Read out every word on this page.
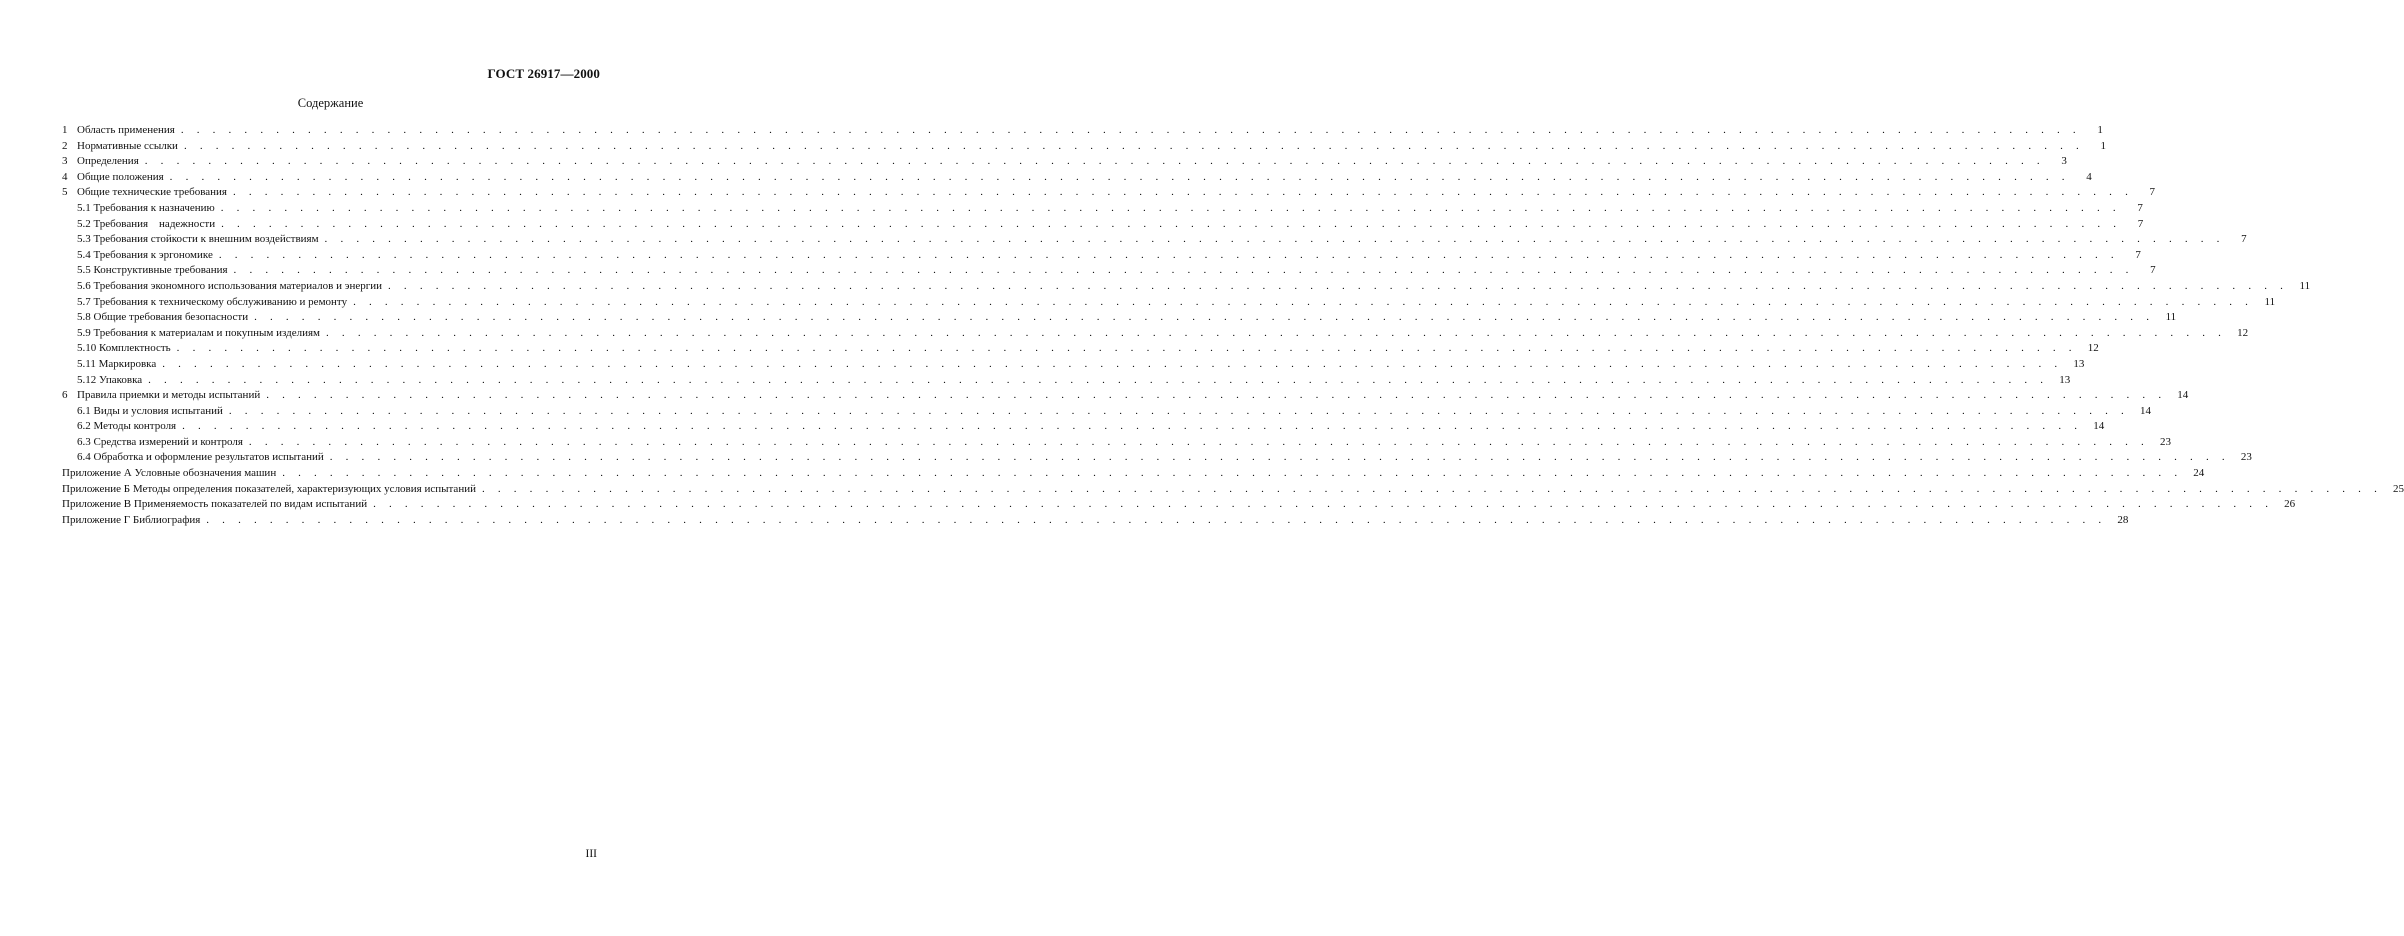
ГОСТ 26917—2000
Содержание
1 Область применения . . . . . . . . . . . . . . . . . . . . . . . . . . . . . . . . . . . . . . . . . . . . . . . . . . . . . . . . . . . . . . . . . . . . . . . . . . . . . . . . . . . . . . . . . . . . . . . . . . . . . . . . . . . . . . . . . . . . . . . .	1
2 Нормативные ссылки . . . . . . . . . . . . . . . . . . . . . . . . . . . . . . . . . . . . . . . . . . . . . . . . . . . . . . . . . . . . . . . . . . . . . . . . . . . . . . . . . . . . . . . . . . . . . . . . . . . . . . . . . . . . . . . . . . . . . . . .	1
3 Определения . . . . . . . . . . . . . . . . . . . . . . . . . . . . . . . . . . . . . . . . . . . . . . . . . . . . . . . . . . . . . . . . . . . . . . . . . . . . . . . . . . . . . . . . . . . . . . . . . . . . . . . . . . . . . . . . . . . . . . . .	3
4 Общие положения . . . . . . . . . . . . . . . . . . . . . . . . . . . . . . . . . . . . . . . . . . . . . . . . . . . . . . . . . . . . . . . . . . . . . . . . . . . . . . . . . . . . . . . . . . . . . . . . . . . . . . . . . . . . . . . . . . . . . . . .	4
5 Общие технические требования . . . . . . . . . . . . . . . . . . . . . . . . . . . . . . . . . . . . . . . . . . . . . . . . . . . . . . . . . . . . . . . . . . . . . . . . . . . . . . . . . . . . . . . . . . . . . . . . . . . . . . . . . . . . . . . . . . . . . . . .	7
5.1 Требования к назначению . . . . . . . . . . . . . . . . . . . . . . . . . . . . . . . . . . . . . . . . . . . . . . . . . . . . . . . . . . . . . . . . . . . . . . . . . . . . . . . . . . . . . . . . . . . . . . . . . . . . . . . . . . . . . . . . . . . . . . . .	7
5.2 Требования    надежности . . . . . . . . . . . . . . . . . . . . . . . . . . . . . . . . . . . . . . . . . . . . . . . . . . . . . . . . . . . . . . . . . . . . . . . . . . . . . . . . . . . . . . . . . . . . . . . . . . . . . . . . . . . . . . . . . . . . . . . .	7
5.3 Требования стойкости к внешним воздействиям . . . . . . . . . . . . . . . . . . . . . . . . . . . . . . . . . . . . . . . . . . . . . . . . . . . . . . . . . . . . . . . . . . . . . . . . . . . . . . . . . . . . . . . . . . . . . . . . . . . . . . . . . . . . . . . . . . . . . . . .	7
5.4 Требования к эргономике . . . . . . . . . . . . . . . . . . . . . . . . . . . . . . . . . . . . . . . . . . . . . . . . . . . . . . . . . . . . . . . . . . . . . . . . . . . . . . . . . . . . . . . . . . . . . . . . . . . . . . . . . . . . . . . . . . . . . . . .	7
5.5 Конструктивные требования . . . . . . . . . . . . . . . . . . . . . . . . . . . . . . . . . . . . . . . . . . . . . . . . . . . . . . . . . . . . . . . . . . . . . . . . . . . . . . . . . . . . . . . . . . . . . . . . . . . . . . . . . . . . . . . . . . . . . . . .	7
5.6 Требования экономного использования материалов и энергии . . . . . . . . . . . . . . . . . . . . . . . . . . . . . . . . . . . . . . . . . . . . . . . . . . . . . . . . . . . . . . . . . . . . . . . . . . . . . . . . . . . . . . . . . . . . . . . . . . . . . . . . . . . . . . . . . . . . . . . .	11
5.7 Требования к техническому обслуживанию и ремонту . . . . . . . . . . . . . . . . . . . . . . . . . . . . . . . . . . . . . . . . . . . . . . . . . . . . . . . . . . . . . . . . . . . . . . . . . . . . . . . . . . . . . . . . . . . . . . . . . . . . . . . . . . . . . . . . . . . . . . . .	11
5.8 Общие требования безопасности . . . . . . . . . . . . . . . . . . . . . . . . . . . . . . . . . . . . . . . . . . . . . . . . . . . . . . . . . . . . . . . . . . . . . . . . . . . . . . . . . . . . . . . . . . . . . . . . . . . . . . . . . . . . . . . . . . . . . . . .	11
5.9 Требования к материалам и покупным изделиям . . . . . . . . . . . . . . . . . . . . . . . . . . . . . . . . . . . . . . . . . . . . . . . . . . . . . . . . . . . . . . . . . . . . . . . . . . . . . . . . . . . . . . . . . . . . . . . . . . . . . . . . . . . . . . . . . . . . . . . .	12
5.10 Комплектность . . . . . . . . . . . . . . . . . . . . . . . . . . . . . . . . . . . . . . . . . . . . . . . . . . . . . . . . . . . . . . . . . . . . . . . . . . . . . . . . . . . . . . . . . . . . . . . . . . . . . . . . . . . . . . . . . . . . . . . .	12
5.11 Маркировка . . . . . . . . . . . . . . . . . . . . . . . . . . . . . . . . . . . . . . . . . . . . . . . . . . . . . . . . . . . . . . . . . . . . . . . . . . . . . . . . . . . . . . . . . . . . . . . . . . . . . . . . . . . . . . . . . . . . . . . .	13
5.12 Упаковка . . . . . . . . . . . . . . . . . . . . . . . . . . . . . . . . . . . . . . . . . . . . . . . . . . . . . . . . . . . . . . . . . . . . . . . . . . . . . . . . . . . . . . . . . . . . . . . . . . . . . . . . . . . . . . . . . . . . . . . .	13
6 Правила приемки и методы испытаний . . . . . . . . . . . . . . . . . . . . . . . . . . . . . . . . . . . . . . . . . . . . . . . . . . . . . . . . . . . . . . . . . . . . . . . . . . . . . . . . . . . . . . . . . . . . . . . . . . . . . . . . . . . . . . . . . . . . . . . .	14
6.1 Виды и условия испытаний . . . . . . . . . . . . . . . . . . . . . . . . . . . . . . . . . . . . . . . . . . . . . . . . . . . . . . . . . . . . . . . . . . . . . . . . . . . . . . . . . . . . . . . . . . . . . . . . . . . . . . . . . . . . . . . . . . . . . . . .	14
6.2 Методы контроля . . . . . . . . . . . . . . . . . . . . . . . . . . . . . . . . . . . . . . . . . . . . . . . . . . . . . . . . . . . . . . . . . . . . . . . . . . . . . . . . . . . . . . . . . . . . . . . . . . . . . . . . . . . . . . . . . . . . . . . .	14
6.3 Средства измерений и контроля . . . . . . . . . . . . . . . . . . . . . . . . . . . . . . . . . . . . . . . . . . . . . . . . . . . . . . . . . . . . . . . . . . . . . . . . . . . . . . . . . . . . . . . . . . . . . . . . . . . . . . . . . . . . . . . . . . . . . . . .	23
6.4 Обработка и оформление результатов испытаний . . . . . . . . . . . . . . . . . . . . . . . . . . . . . . . . . . . . . . . . . . . . . . . . . . . . . . . . . . . . . . . . . . . . . . . . . . . . . . . . . . . . . . . . . . . . . . . . . . . . . . . . . . . . . . . . . . . . . . . .	23
Приложение А Условные обозначения машин . . . . . . . . . . . . . . . . . . . . . . . . . . . . . . . . . . . . . . . . . . . . . . . . . . . . . . . . . . . . . . . . . . . . . . . . . . . . . . . . . . . . . . . . . . . . . . . . . . . . . . . . . . . . . . . . . . . . . . . .	24
Приложение Б Методы определения показателей, характеризующих условия испытаний . . . . . . . . . . . . . . . . . . . . . . . . . . . . . . . . . . . . . . . . . . . . . . . . . . . . . . . . . . . . . . . . . . . . . . . . . . . . . . . . . . . . . . . . . . . . . . . . . . . . . . . . . . . . . . . . . . . . . . . .	25
Приложение В Применяемость показателей по видам испытаний . . . . . . . . . . . . . . . . . . . . . . . . . . . . . . . . . . . . . . . . . . . . . . . . . . . . . . . . . . . . . . . . . . . . . . . . . . . . . . . . . . . . . . . . . . . . . . . . . . . . . . . . . . . . . . . . . . . . . . . .	26
Приложение Г Библиография . . . . . . . . . . . . . . . . . . . . . . . . . . . . . . . . . . . . . . . . . . . . . . . . . . . . . . . . . . . . . . . . . . . . . . . . . . . . . . . . . . . . . . . . . . . . . . . . . . . . . . . . . . . . . . . . . . . . . . . .	28
III
